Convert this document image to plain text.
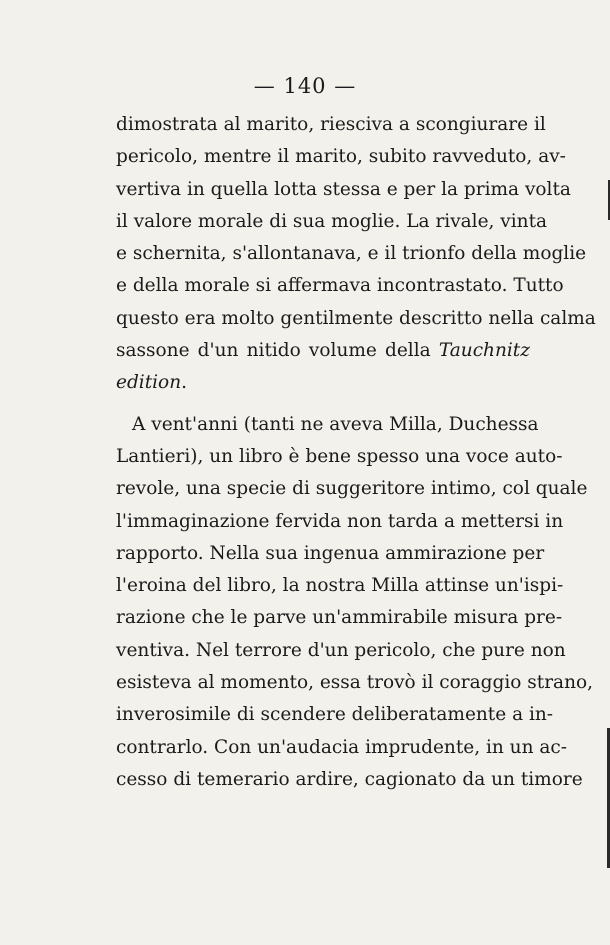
— 140 —
dimostrata al marito, riesciva a scongiurare il
pericolo, mentre il marito, subito ravveduto, av-
vertiva in quella lotta stessa e per la prima volta
il valore morale di sua moglie. La rivale, vinta
e schernita, s'allontanava, e il trionfo della moglie
e della morale si affermava incontrastato. Tutto
questo era molto gentilmente descritto nella calma
sassone d'un nitido volume della Tauchnitz
edition.
A vent'anni (tanti ne aveva Milla, Duchessa
Lantieri), un libro è bene spesso una voce auto-
revole, una specie di suggeritore intimo, col quale
l'immaginazione fervida non tarda a mettersi in
rapporto. Nella sua ingenua ammirazione per
l'eroina del libro, la nostra Milla attinse un'ispi-
razione che le parve un'ammirabile misura pre-
ventiva. Nel terrore d'un pericolo, che pure non
esisteva al momento, essa trovò il coraggio strano,
inverosimile di scendere deliberatamente a in-
contrarlo. Con un'audacia imprudente, in un ac-
cesso di temerario ardire, cagionato da un timore
